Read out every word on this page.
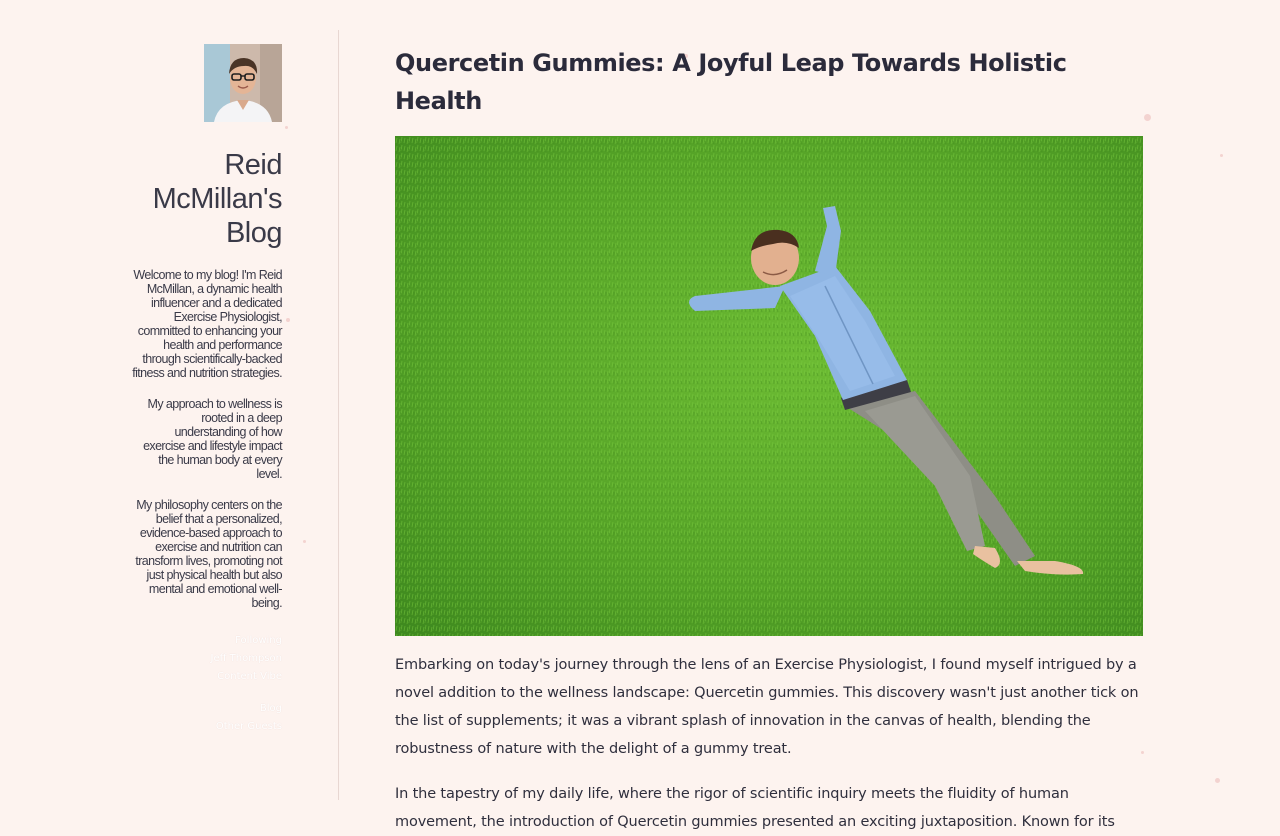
Reid McMillan's Blog

Welcome to my blog! I'm Reid McMillan, a dynamic health influencer and a dedicated Exercise Physiologist, committed to enhancing your health and performance through scientifically-backed fitness and nutrition strategies.

My approach to wellness is rooted in a deep understanding of how exercise and lifestyle impact the human body at every level.

My philosophy centers on the belief that a personalized, evidence-based approach to exercise and nutrition can transform lives, promoting not just physical health but also mental and emotional well-being.

Following
Jeff Thompson
Content Vibe
Blog
Other Guests
Quercetin Gummies: A Joyful Leap Towards Holistic Health

Embarking on today's journey through the lens of an Exercise Physiologist, I found myself intrigued by a novel addition to the wellness landscape: Quercetin gummies. This discovery wasn't just another tick on the list of supplements; it was a vibrant splash of innovation in the canvas of health, blending the robustness of nature with the delight of a gummy treat.

In the tapestry of my daily life, where the rigor of scientific inquiry meets the fluidity of human movement, the introduction of Quercetin gummies presented an exciting juxtaposition. Known for its
